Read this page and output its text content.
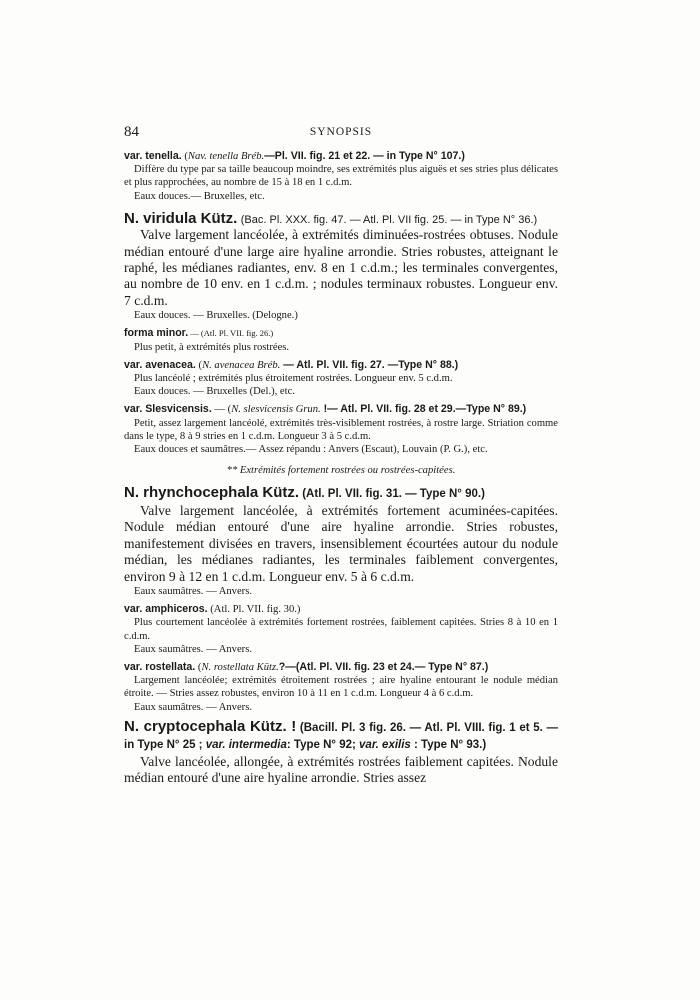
84	SYNOPSIS

var. tenella. (Nav. tenella Bréb.—Pl. VII. fig. 21 et 22. — in Type N° 107.)

Diffère du type par sa taille beaucoup moindre, ses extrémités plus aiguës et ses stries plus délicates et plus rapprochées, au nombre de 15 à 18 en 1 c.d.m.

Eaux douces.— Bruxelles, etc.

N. viridula Kütz. (Bac. Pl. XXX. fig. 47. — Atl. Pl. VII fig. 25. — in Type N° 36.)

Valve largement lancéolée, à extrémités diminuées-rostrées obtuses. Nodule médian entouré d'une large aire hyaline arrondie. Stries robustes, atteignant le raphé, les médianes radiantes, env. 8 en 1 c.d.m.; les terminales convergentes, au nombre de 10 env. en 1 c.d.m. ; nodules terminaux robustes. Longueur env. 7 c.d.m.

Eaux douces. — Bruxelles. (Delogne.)

forma minor. — (Atl. Pl. VII. fig. 26.)

Plus petit, à extrémités plus rostrées.

var. avenacea. (N. avenacea Bréb. — Atl. Pl. VII. fig. 27. —Type N° 88.)

Plus lancéolé ; extrémités plus étroitement rostrées. Longueur env. 5 c.d.m.

Eaux douces. — Bruxelles (Del.), etc.

var. Slesvicensis. — (N. slesvicensis Grun. !— Atl. Pl. VII. fig. 28 et 29.—Type N° 89.)

Petit, assez largement lancéolé, extrémités très-visiblement rostrées, à rostre large. Striation comme dans le type, 8 à 9 stries en 1 c.d.m. Longueur 3 à 5 c.d.m.

Eaux douces et saumâtres.— Assez répandu : Anvers (Escaut), Louvain (P. G.), etc.

** Extrémités fortement rostrées ou rostrées-capitées.

N. rhynchocephala Kütz. (Atl. Pl. VII. fig. 31. — Type N° 90.)

Valve largement lancéolée, à extrémités fortement acuminées-capitées. Nodule médian entouré d'une aire hyaline arrondie. Stries robustes, manifestement divisées en travers, insensiblement écourtées autour du nodule médian, les médianes radiantes, les terminales faiblement convergentes, environ 9 à 12 en 1 c.d.m. Longueur env. 5 à 6 c.d.m.

Eaux saumâtres. — Anvers.

var. amphiceros. (Atl. Pl. VII. fig. 30.)

Plus courtement lancéolée à extrémités fortement rostrées, faiblement capitées. Stries 8 à 10 en 1 c.d.m.

Eaux saumâtres. — Anvers.

var. rostellata. (N. rostellata Kütz.?—(Atl. Pl. VII. fig. 23 et 24.— Type N° 87.)

Largement lancéolée; extrémités étroitement rostrées ; aire hyaline entourant le nodule médian étroite. — Stries assez robustes, environ 10 à 11 en 1 c.d.m. Longueur 4 à 6 c.d.m.

Eaux saumâtres. — Anvers.

N. cryptocephala Kütz. ! (Bacill. Pl. 3 fig. 26. — Atl. Pl. VIII. fig. 1 et 5. — in Type N° 25 ; var. intermedia: Type N° 92; var. exilis : Type N° 93.)

Valve lancéolée, allongée, à extrémités rostrées faiblement capitées. Nodule médian entouré d'une aire hyaline arrondie. Stries assez
